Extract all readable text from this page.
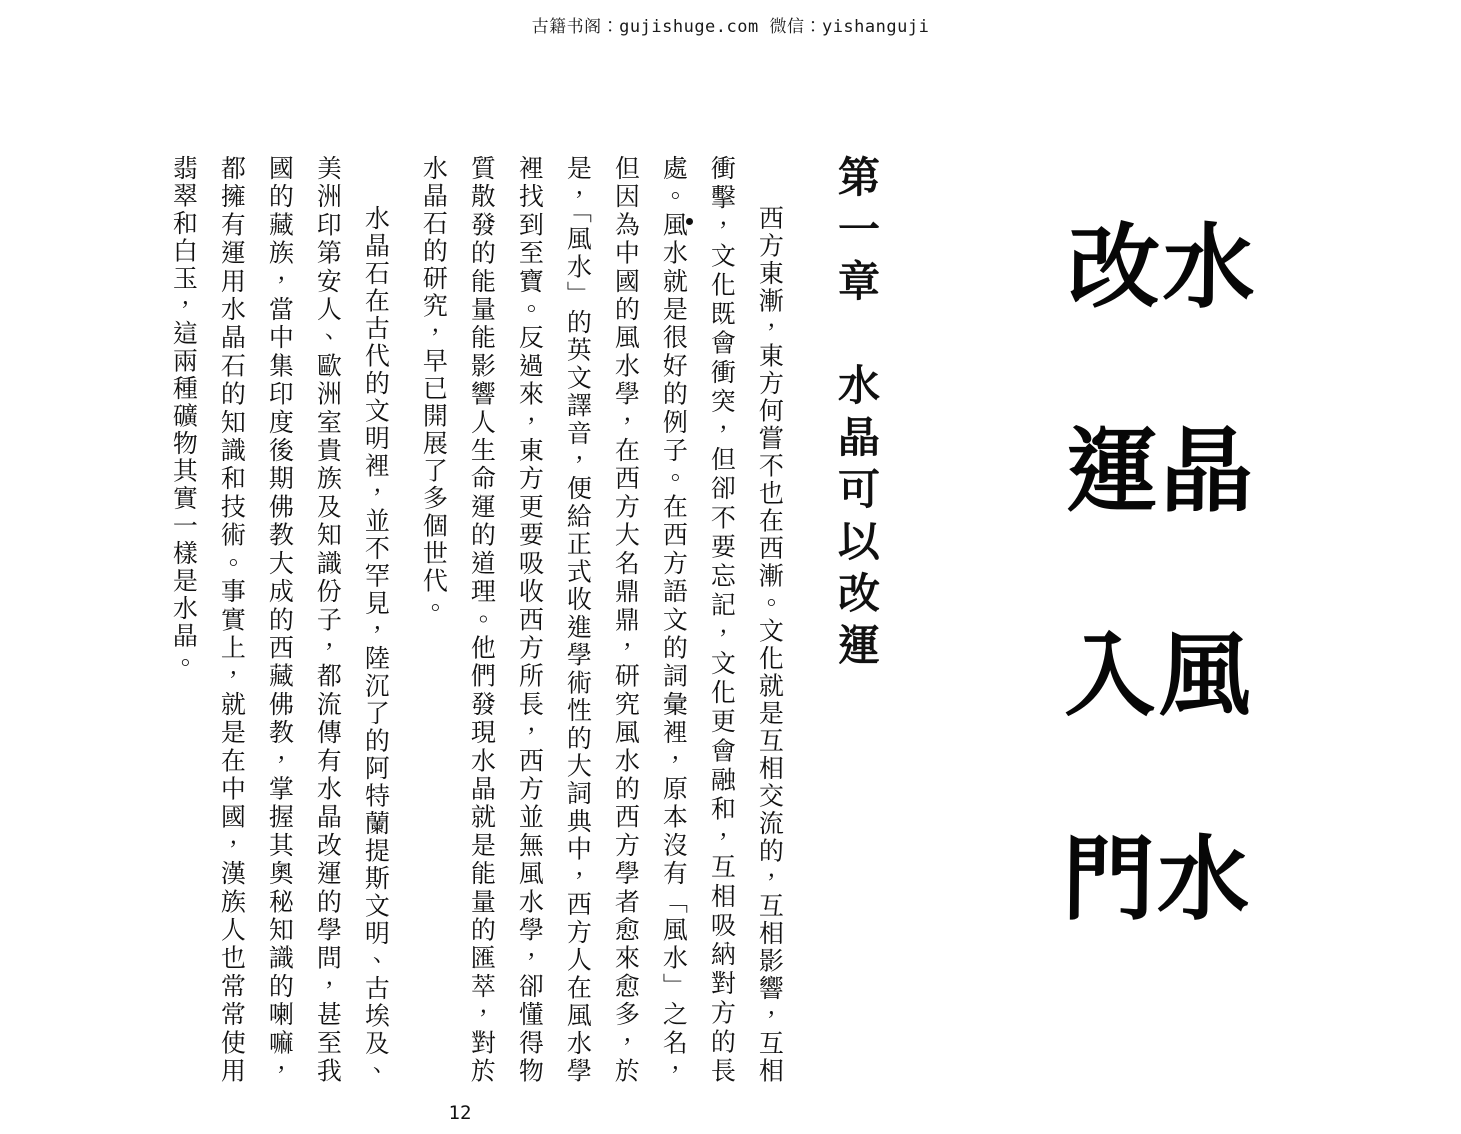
古籍书阁：gujishuge.com 微信：yishanguji
水 晶 風 水 改 運 入 門
第一章　水晶可以改運
西方東漸，東方何嘗不也在西漸。文化就是互相交流的，互相影響，互相衝擊，文化既會衝突，但卻不要忘記，文化更會融和，互相吸納對方的長處。風水就是很好的例子。在西方語文的詞彙裡，原本沒有「風水」之名，但因為中國的風水學，在西方大名鼎鼎，研究風水的西方學者愈來愈多，於是，「風水」的英文譯音，便給正式收進學術性的大詞典中，西方人在風水學裡找到至寶。反過來，東方更要吸收西方所長，西方並無風水學，卻懂得物質散發的能量能影響人生命運的道理。他們發現水晶就是能量的匯萃，對於水晶石的研究，早已開展了多個世代。
水晶石在古代的文明裡，並不罕見，陸沉了的阿特蘭提斯文明、古埃及、美洲印第安人、歐洲室貴族及知識份子，都流傳有水晶改運的學問，甚至我國的藏族，當中集印度後期佛教大成的西藏佛教，掌握其奧秘知識的喇嘛，都擁有運用水晶石的知識和技術。事實上，就是在中國，漢族人也常常使用翡翠和白玉，這兩種礦物其實一樣是水晶。
12
